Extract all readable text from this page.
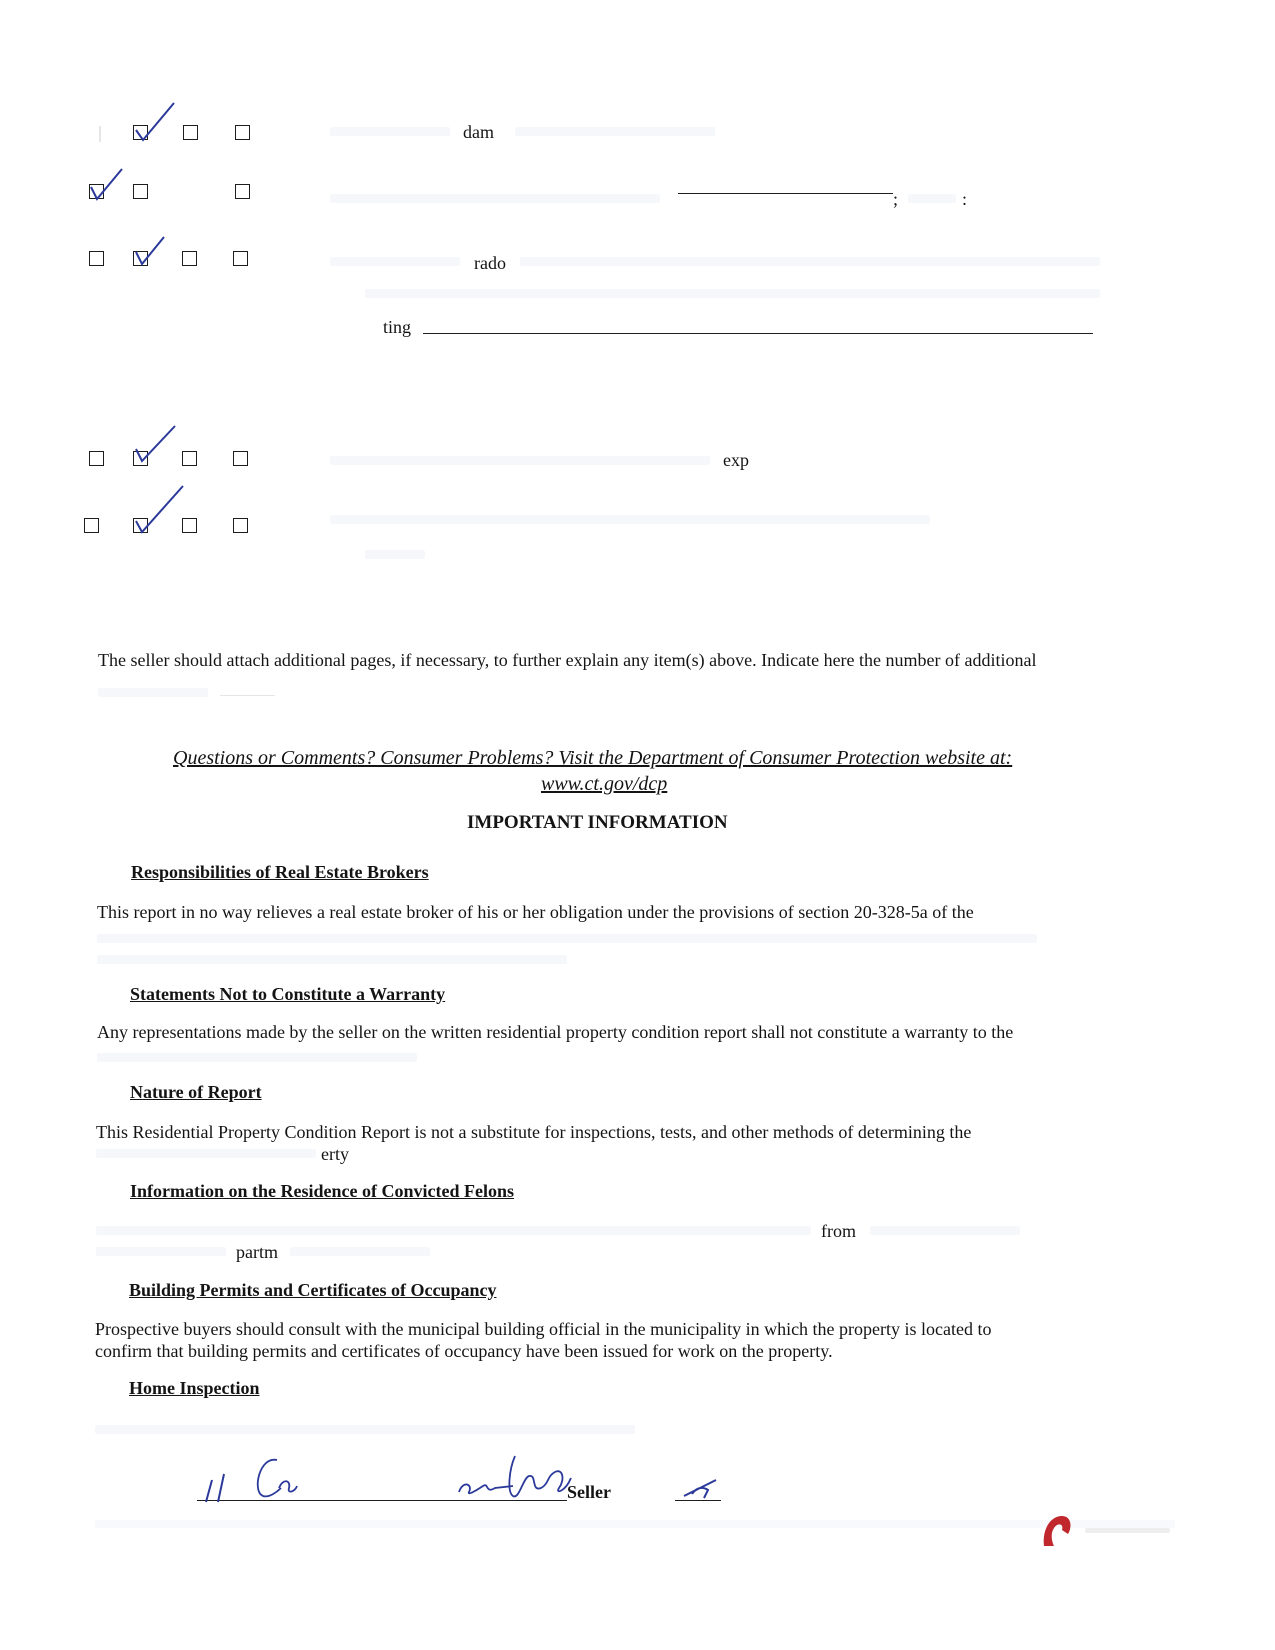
dam
;	:
rado
ting
exp
The seller should attach additional pages, if necessary, to further explain any item(s) above. Indicate here the number of additional
Questions or Comments? Consumer Problems? Visit the Department of Consumer Protection website at:
www.ct.gov/dcp
IMPORTANT INFORMATION
Responsibilities of Real Estate Brokers
This report in no way relieves a real estate broker of his or her obligation under the provisions of section 20-328-5a of the
Statements Not to Constitute a Warranty
Any representations made by the seller on the written residential property condition report shall not constitute a warranty to the
Nature of Report
This Residential Property Condition Report is not a substitute for inspections, tests, and other methods of determining the
erty
Information on the Residence of Convicted Felons
from
partm
Building Permits and Certificates of Occupancy
Prospective buyers should consult with the municipal building official in the municipality in which the property is located to
confirm that building permits and certificates of occupancy have been issued for work on the property.
Home Inspection
Seller
